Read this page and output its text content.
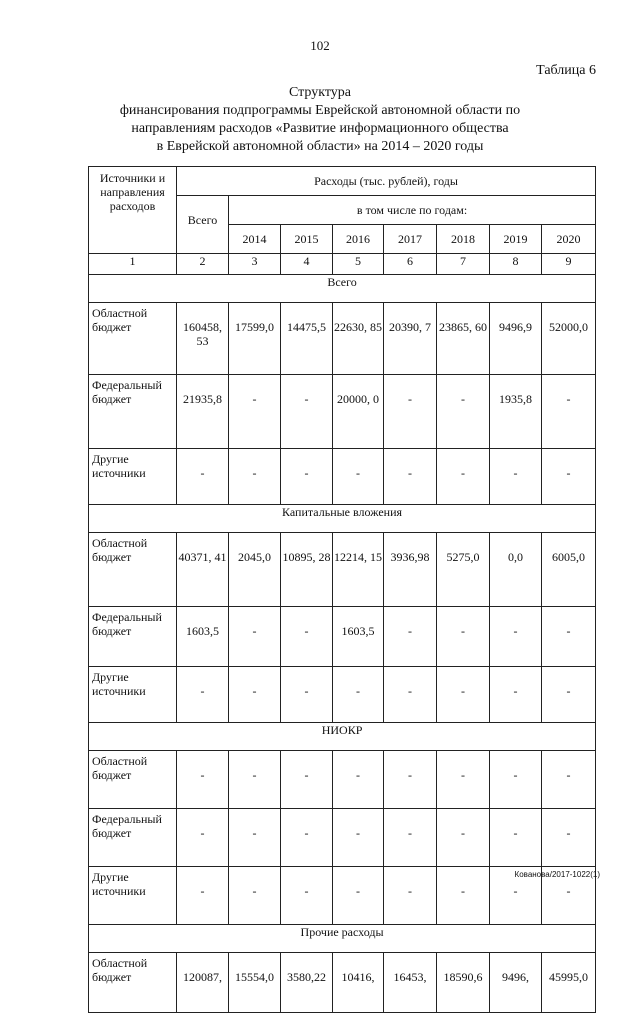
102
Таблица 6
Структура
финансирования подпрограммы Еврейской автономной области по
направлениям расходов «Развитие информационного общества
в Еврейской автономной области» на 2014 – 2020 годы
Источники и направления расходов	Расходы (тыс. рублей), годы							
	Всего	в том числе по годам:						
		2014	2015	2016	2017	2018	2019	2020
1	2	3	4	5	6	7	8	9
Всего								
Областной бюджет	160458, 53	17599,0	14475,5	22630, 85	20390, 7	23865, 60	9496,9	52000,0
Федеральный бюджет	21935,8	-	-	20000, 0	-	-	1935,8	-
Другие источники	-	-	-	-	-	-	-	-
Капитальные вложения								
Областной бюджет	40371, 41	2045,0	10895, 28	12214, 15	3936,98	5275,0	0,0	6005,0
Федеральный бюджет	1603,5	-	-	1603,5	-	-	-	-
Другие источники	-	-	-	-	-	-	-	-
НИОКР								
Областной бюджет	-	-	-	-	-	-	-	-
Федеральный бюджет	-	-	-	-	-	-	-	-
Другие источники	-	-	-	-	-	-	-	-
Прочие расходы								
Областной бюджет	120087,	15554,0	3580,22	10416,	16453,	18590,6	9496,	45995,0
Кованова/2017-1022(1)
